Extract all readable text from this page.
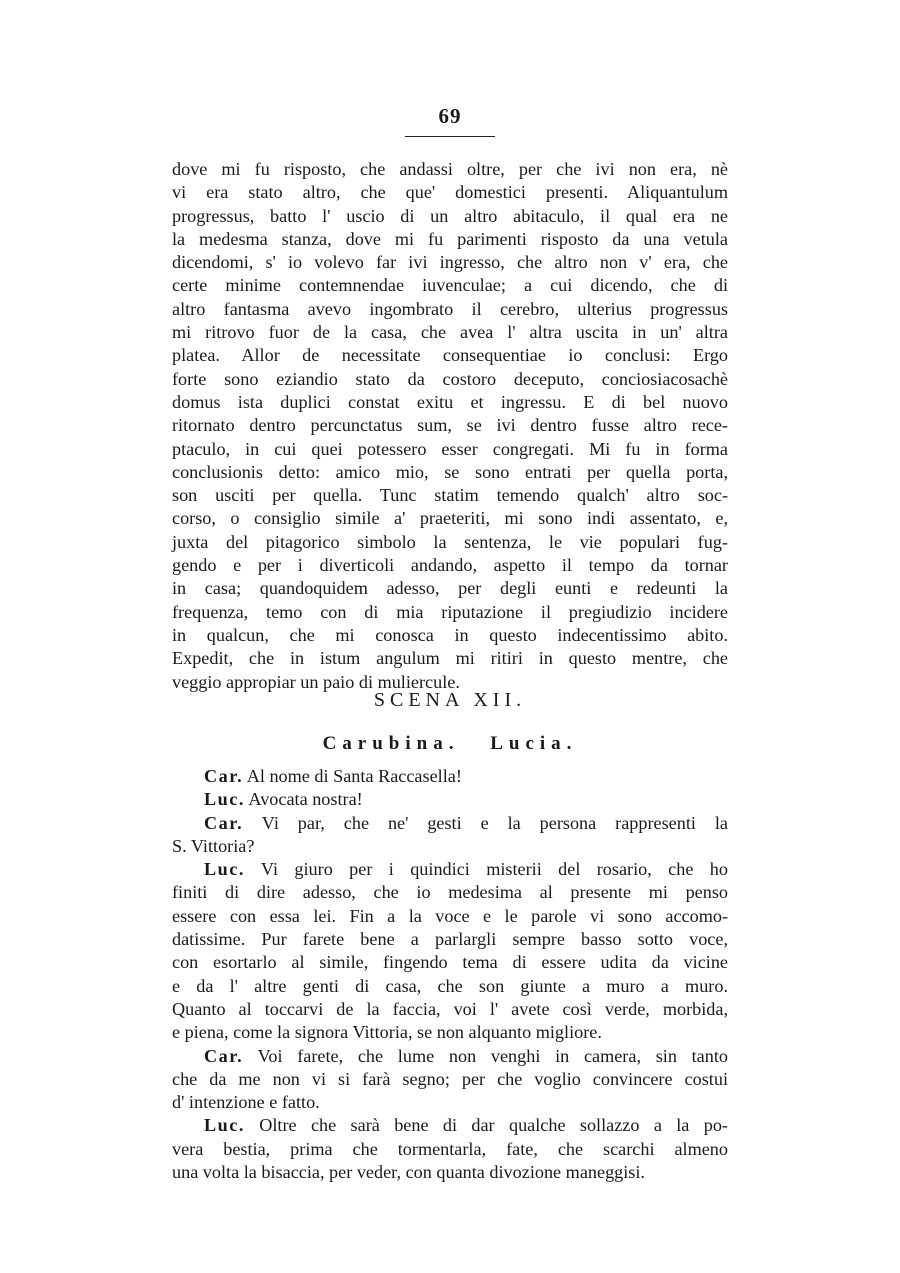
69
dove mi fu risposto, che andassi oltre, per che ivi non era, nè
vi era stato altro, che que' domestici presenti. Aliquantulum
progressus, batto l' uscio di un altro abitaculo, il qual era ne
la medesma stanza, dove mi fu parimenti risposto da una vetula
dicendomi, s' io volevo far ivi ingresso, che altro non v' era, che
certe minime contemnendae iuvenculae; a cui dicendo, che di
altro fantasma avevo ingombrato il cerebro, ulterius progressus
mi ritrovo fuor de la casa, che avea l' altra uscita in un' altra
platea. Allor de necessitate consequentiae io conclusi: Ergo
forte sono eziandio stato da costoro deceputo, conciosiacosachè
domus ista duplici constat exitu et ingressu. E di bel nuovo
ritornato dentro percunctatus sum, se ivi dentro fusse altro rece-
ptaculo, in cui quei potessero esser congregati. Mi fu in forma
conclusionis detto: amico mio, se sono entrati per quella porta,
son usciti per quella. Tunc statim temendo qualch' altro soc-
corso, o consiglio simile a' praeteriti, mi sono indi assentato, e,
juxta del pitagorico simbolo la sentenza, le vie populari fug-
gendo e per i diverticoli andando, aspetto il tempo da tornar
in casa; quandoquidem adesso, per degli eunti e redeunti la
frequenza, temo con di mia riputazione il pregiudizio incidere
in qualcun, che mi conosca in questo indecentissimo abito.
Expedit, che in istum angulum mi ritiri in questo mentre, che
veggio appropiar un paio di muliercule.
SCENA XII.
Carubina. Lucia.
Car. Al nome di Santa Raccasella!
Luc. Avocata nostra!
Car. Vi par, che ne' gesti e la persona rappresenti la
S. Vittoria?
Luc. Vi giuro per i quindici misterii del rosario, che ho
finiti di dire adesso, che io medesima al presente mi penso
essere con essa lei. Fin a la voce e le parole vi sono accomo-
datissime. Pur farete bene a parlargli sempre basso sotto voce,
con esortarlo al simile, fingendo tema di essere udita da vicine
e da l' altre genti di casa, che son giunte a muro a muro.
Quanto al toccarvi de la faccia, voi l' avete così verde, morbida,
e piena, come la signora Vittoria, se non alquanto migliore.
Car. Voi farete, che lume non venghi in camera, sin tanto
che da me non vi si farà segno; per che voglio convincere costui
d' intenzione e fatto.
Luc. Oltre che sarà bene di dar qualche sollazzo a la po-
vera bestia, prima che tormentarla, fate, che scarchi almeno
una volta la bisaccia, per veder, con quanta divozione maneggisi.
